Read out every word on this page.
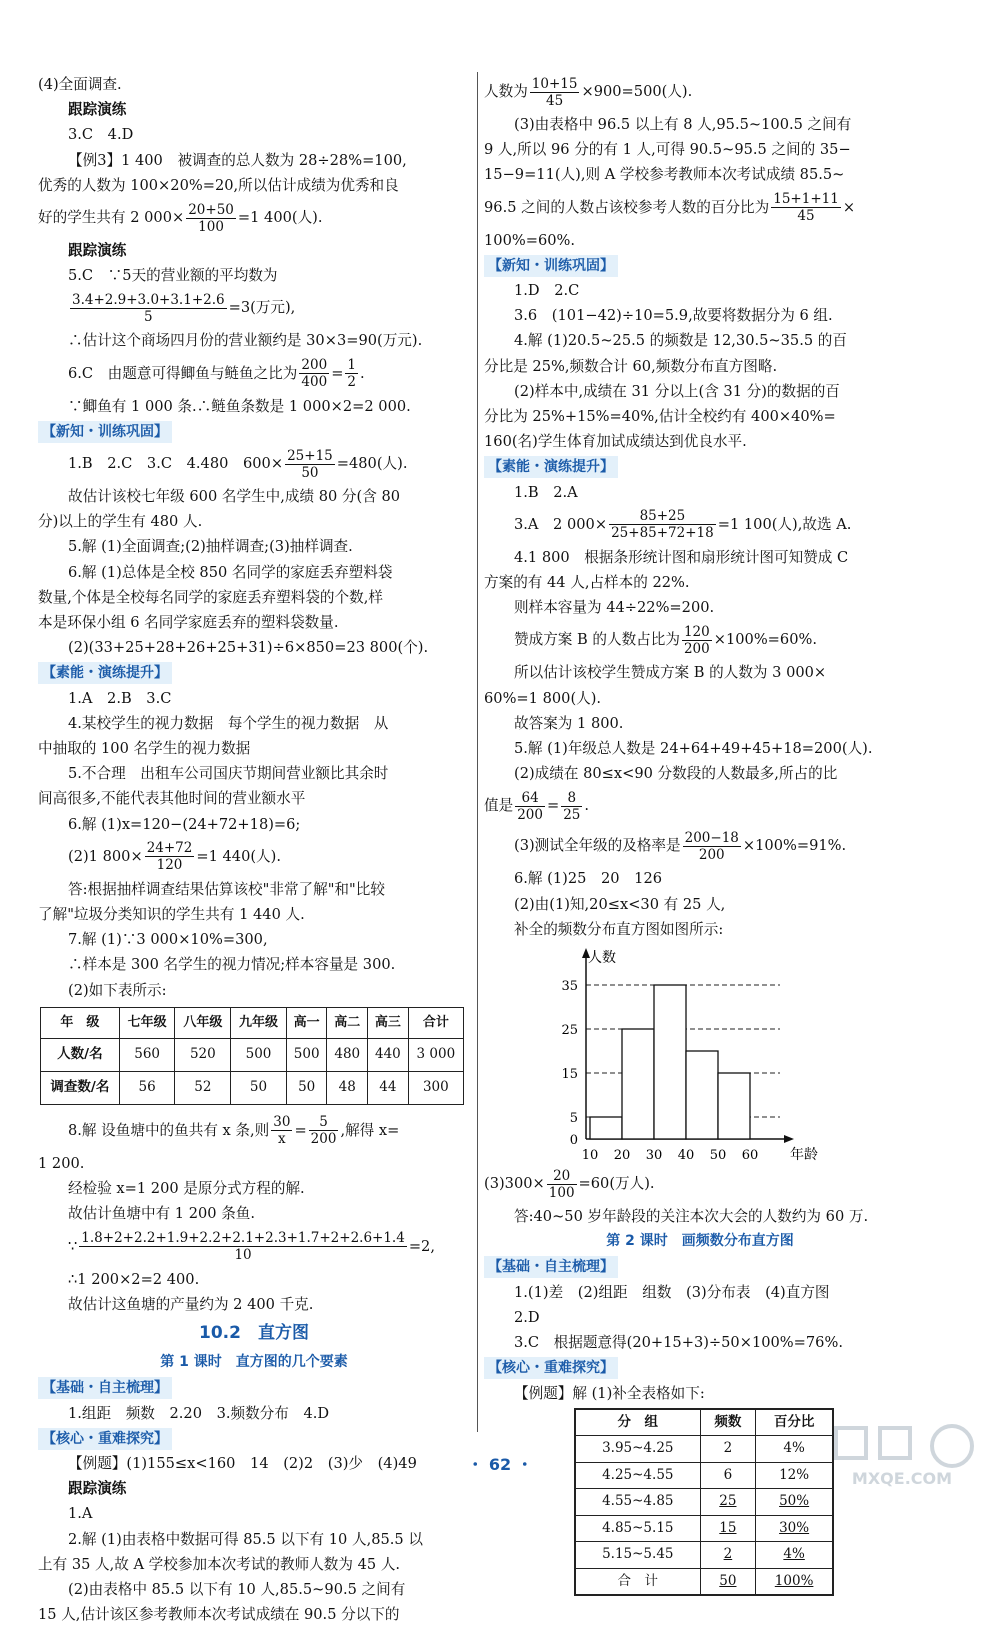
(4)全面调查.
跟踪演练
3.C　4.D
【例3】1 400　被调查的总人数为 28÷28%=100,
优秀的人数为 100×20%=20,所以估计成绩为优秀和良
好的学生共有 2 $000\times \frac{20+50}{100} =1$ 400(人).
跟踪演练
5.C　∵5天的营业额的平均数为
$\frac{3.4+2.9+3.0+3.1+2.6}{5} =3$(万元),
∴估计这个商场四月份的营业额约是 30×3=90(万元).
6.C　由题意可得鲫鱼与鲢鱼之比为 $\frac{200}{400} = \frac{1}{2}$ .
∵鲫鱼有 1 000 条.∴鲢鱼条数是 1 000×2=2 000.
【新知・训练巩固】
1.B　2.C　3.C　4.480　$600\times \frac{25+15}{50} =480$(人).
故估计该校七年级 600 名学生中,成绩 80 分(含 80
分)以上的学生有 480 人.
5.解 (1)全面调查;(2)抽样调查;(3)抽样调查.
6.解 (1)总体是全校 850 名同学的家庭丢弃塑料袋
数量,个体是全校每名同学的家庭丢弃塑料袋的个数,样
本是环保小组 6 名同学家庭丢弃的塑料袋数量.
(2)(33+25+28+26+25+31)÷6×850=23 800(个).
【素能・演练提升】
1.A　2.B　3.C
4.某校学生的视力数据　每个学生的视力数据　从
中抽取的 100 名学生的视力数据
5.不合理　出租车公司国庆节期间营业额比其余时
间高很多,不能代表其他时间的营业额水平
6.解 (1)x=120−(24+72+18)=6;
(2)1 $800\times \frac{24+72}{120} =1$ 440(人).
答:根据抽样调查结果估算该校"非常了解"和"比较
了解"垃圾分类知识的学生共有 1 440 人.
7.解 (1)∵3 000×10%=300,
∴样本是 300 名学生的视力情况;样本容量是 300.
(2)如下表所示:
年　级	七年级	八年级	九年级	高一	高二	高三	合计
人数/名	560	520	500	500	480	440	3 000
调查数/名	56	52	50	50	48	44	300
8.解 设鱼塘中的鱼共有 x 条,则 $\frac{30}{x} = \frac{5}{200}$ ,解得 x=
1 200.
经检验 x=1 200 是原分式方程的解.
故估计鱼塘中有 1 200 条鱼.
∵ $\frac{1.8+2+2.2+1.9+2.2+2.1+2.3+1.7+2+2.6+1.4}{10} =2$,
∴1 200×2=2 400.
故估计这鱼塘的产量约为 2 400 千克.
10.2　直方图
第 1 课时　直方图的几个要素
【基础・自主梳理】
1.组距　频数　2.20　3.频数分布　4.D
【核心・重难探究】
【例题】(1)155≤x<160　14　(2)2　(3)少　(4)49
跟踪演练
1.A
2.解 (1)由表格中数据可得 85.5 以下有 10 人,85.5 以
上有 35 人,故 A 学校参加本次考试的教师人数为 45 人.
(2)由表格中 85.5 以下有 10 人,85.5~90.5 之间有
15 人,估计该区参考教师本次考试成绩在 90.5 分以下的
人数为 $\frac{10+15}{45} \times 900=500$(人).
(3)由表格中 96.5 以上有 8 人,95.5~100.5 之间有
9 人,所以 96 分的有 1 人,可得 90.5~95.5 之间的 35−
15−9=11(人),则 A 学校参考教师本次考试成绩 85.5~
96.5 之间的人数占该校参考人数的百分比为 $\frac{15+1+11}{45}$ ×
100%=60%.
【新知・训练巩固】
1.D　2.C
3.6　(101−42)÷10=5.9,故要将数据分为 6 组.
4.解 (1)20.5~25.5 的频数是 12,30.5~35.5 的百
分比是 25%,频数合计 60,频数分布直方图略.
(2)样本中,成绩在 31 分以上(含 31 分)的数据的百
分比为 25%+15%=40%,估计全校约有 400×40%=
160(名)学生体育加试成绩达到优良水平.
【素能・演练提升】
1.B　2.A
3.A　2 $000\times \frac{85+25}{25+85+72+18} =1$ 100(人),故选 A.
4.1 800　根据条形统计图和扇形统计图可知赞成 C
方案的有 44 人,占样本的 22%.
则样本容量为 44÷22%=200.
赞成方案 B 的人数占比为 $\frac{120}{200} \times 100\%=60\%$.
所以估计该校学生赞成方案 B 的人数为 3 000×
60%=1 800(人).
故答案为 1 800.
5.解 (1)年级总人数是 24+64+49+45+18=200(人).
(2)成绩在 80≤x<90 分数段的人数最多,所占的比
值是 $\frac{64}{200} = \frac{8}{25}$ .
(3)测试全年级的及格率是 $\frac{200-18}{200} \times 100\%=91\%$.
6.解 (1)25　20　126
(2)由(1)知,20≤x<30 有 25 人,
补全的频数分布直方图如图所示:
0
5
15
25
35
10 20 30 40 50 60
人数
年龄
$(3)300\times \frac{20}{100} =60$(万人).
答:40~50 岁年龄段的关注本次大会的人数约为 60 万.
第 2 课时　画频数分布直方图
【基础・自主梳理】
1.(1)差　(2)组距　组数　(3)分布表　(4)直方图
2.D
3.C　根据题意得(20+15+3)÷50×100%=76%.
【核心・重难探究】
【例题】解 (1)补全表格如下:
分　组	频数	百分比
3.95~4.25	2	4%
4.25~4.55	6	12%
4.55~4.85	25	50%
4.85~5.15	15	30%
5.15~5.45	2	4%
合　计	50	100%
・ 62 ・
MXQE.COM
